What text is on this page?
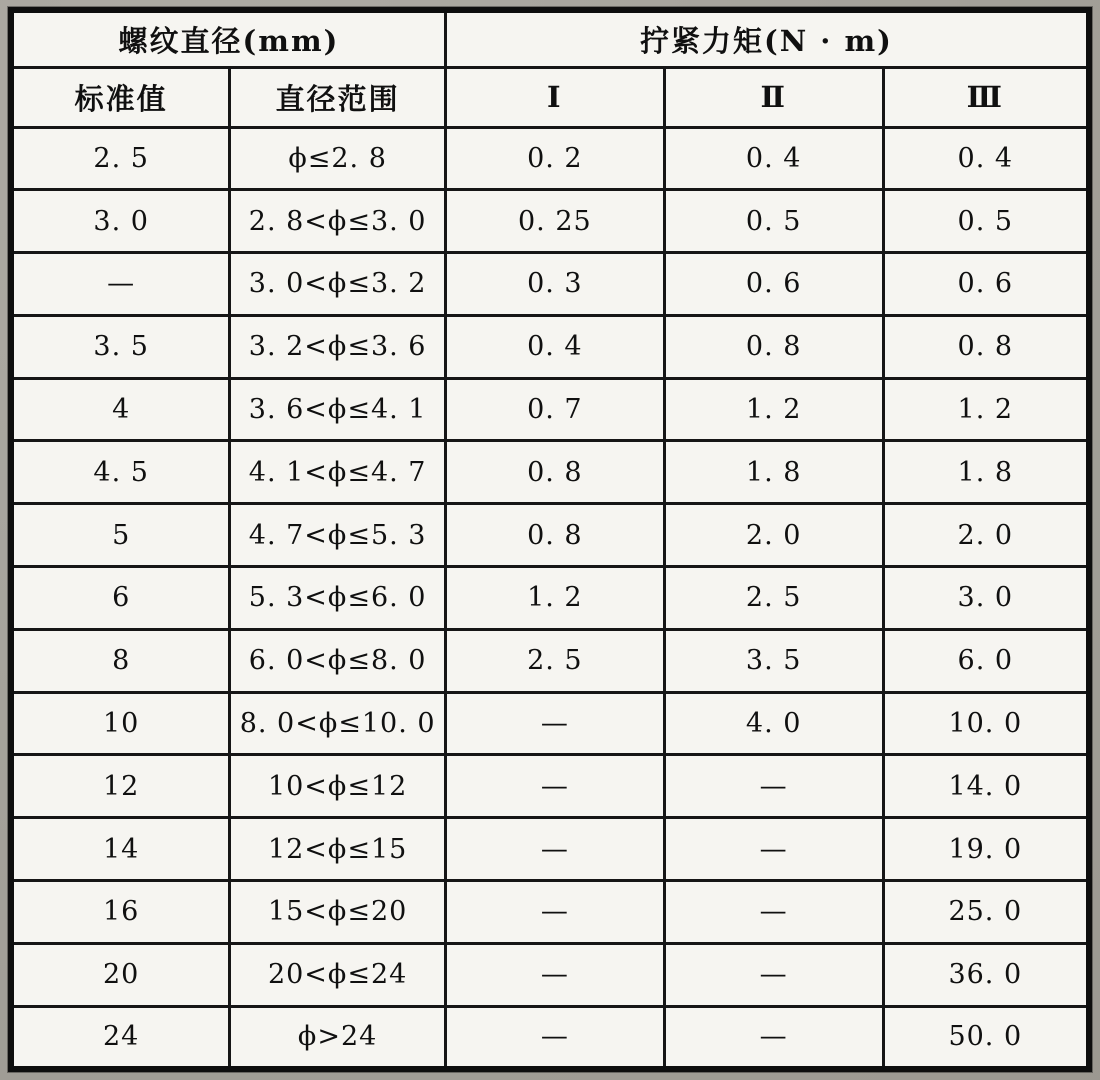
螺纹直径(mm)		拧紧力矩(N · m)		
标准值	直径范围	Ⅰ	Ⅱ	Ⅲ
2. 5	ϕ≤2. 8	0. 2	0. 4	0. 4
3. 0	2. 8<ϕ≤3. 0	0. 25	0. 5	0. 5
—	3. 0<ϕ≤3. 2	0. 3	0. 6	0. 6
3. 5	3. 2<ϕ≤3. 6	0. 4	0. 8	0. 8
4	3. 6<ϕ≤4. 1	0. 7	1. 2	1. 2
4. 5	4. 1<ϕ≤4. 7	0. 8	1. 8	1. 8
5	4. 7<ϕ≤5. 3	0. 8	2. 0	2. 0
6	5. 3<ϕ≤6. 0	1. 2	2. 5	3. 0
8	6. 0<ϕ≤8. 0	2. 5	3. 5	6. 0
10	8. 0<ϕ≤10. 0	—	4. 0	10. 0
12	10<ϕ≤12	—	—	14. 0
14	12<ϕ≤15	—	—	19. 0
16	15<ϕ≤20	—	—	25. 0
20	20<ϕ≤24	—	—	36. 0
24	ϕ>24	—	—	50. 0
